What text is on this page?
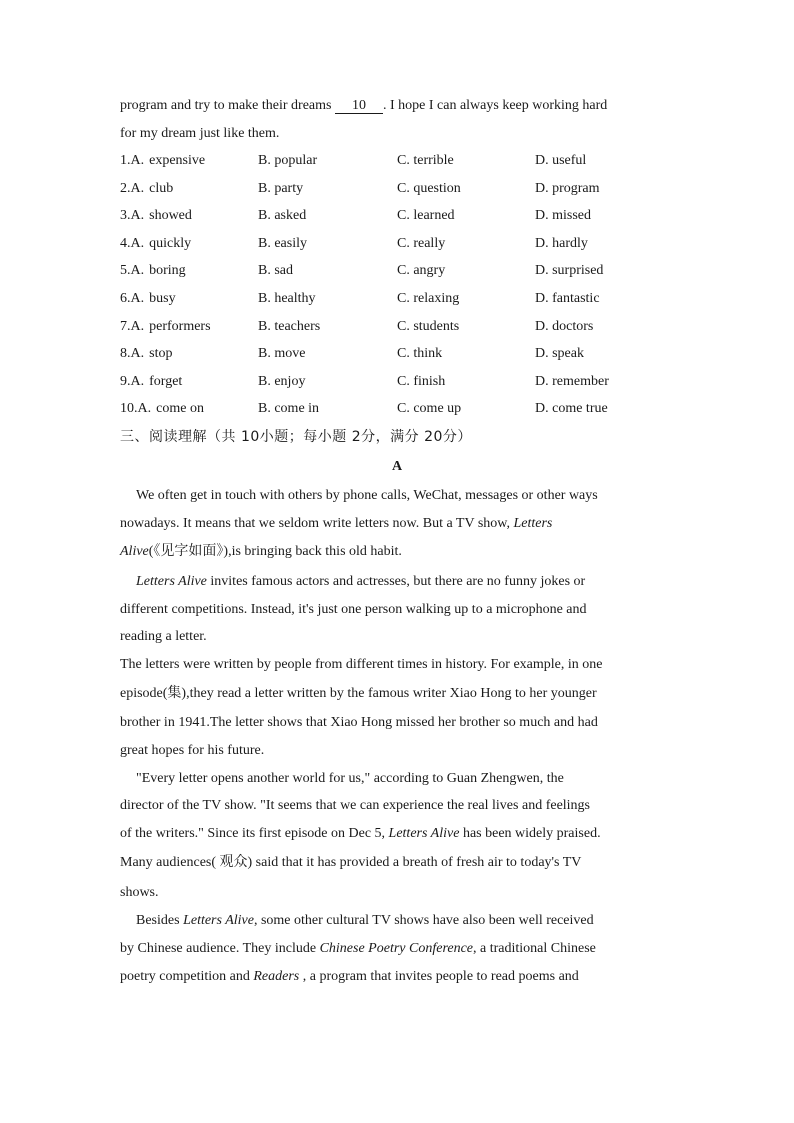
program and try to make their dreams 10 . I hope I can always keep working hard
for my dream just like them.
1.A. expensive	B. popular	C. terrible	D. useful
2.A. club	B. party	C. question	D. program
3.A. showed	B. asked	C. learned	D. missed
4.A. quickly	B. easily	C. really	D. hardly
5.A. boring	B. sad	C. angry	D. surprised
6.A. busy	B. healthy	C. relaxing	D. fantastic
7.A. performers	B. teachers	C. students	D. doctors
8.A. stop	B. move	C. think	D. speak
9.A. forget	B. enjoy	C. finish	D. remember
10.A. come on	B. come in	C. come up	D. come true
三、阅读理解（共 10小题；每小题 2分，满分 20分）
A
We often get in touch with others by phone calls, WeChat, messages or other ways
nowadays. It means that we seldom write letters now. But a TV show, Letters
Alive(《见字如面》),is bringing back this old habit.
Letters Alive invites famous actors and actresses, but there are no funny jokes or
different competitions. Instead, it's just one person walking up to a microphone and
reading a letter.
The letters were written by people from different times in history. For example, in one
episode(集),they read a letter written by the famous writer Xiao Hong to her younger
brother in 1941.The letter shows that Xiao Hong missed her brother so much and had
great hopes for his future.
"Every letter opens another world for us," according to Guan Zhengwen, the
director of the TV show. "It seems that we can experience the real lives and feelings
of the writers." Since its first episode on Dec 5, Letters Alive has been widely praised.
Many audiences( 观众) said that it has provided a breath of fresh air to today's TV
shows.
Besides Letters Alive, some other cultural TV shows have also been well received
by Chinese audience. They include Chinese Poetry Conference, a traditional Chinese
poetry competition and Readers , a program that invites people to read poems and
